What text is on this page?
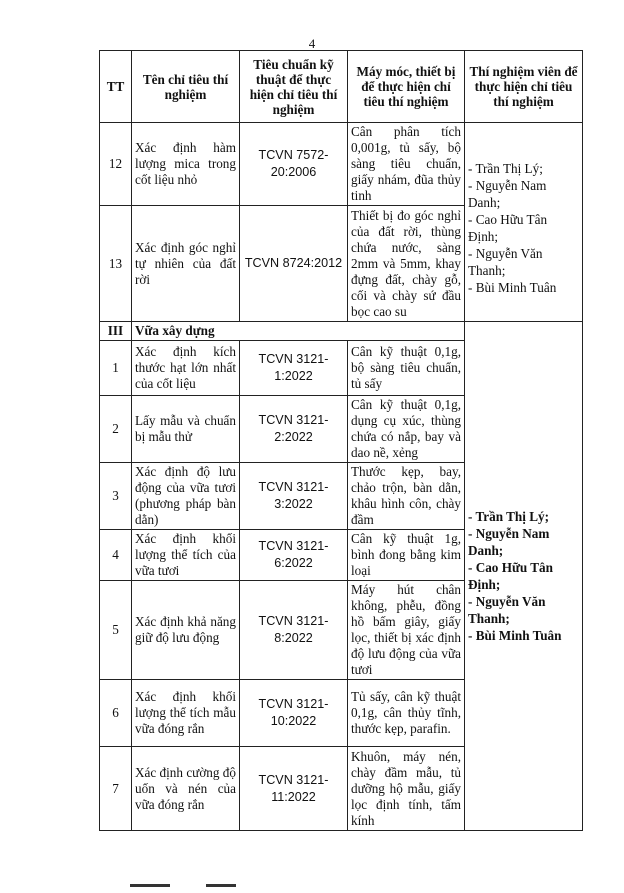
4
TT	Tên chỉ tiêu thí nghiệm	Tiêu chuẩn kỹ thuật để thực hiện chỉ tiêu thí nghiệm	Máy móc, thiết bị để thực hiện chỉ tiêu thí nghiệm	Thí nghiệm viên để thực hiện chỉ tiêu thí nghiệm
12	Xác định hàm lượng mica trong cốt liệu nhỏ	TCVN 7572-20:2006	Cân phân tích 0,001g, tủ sấy, bộ sàng tiêu chuẩn, giấy nhám, đũa thủy tinh	- Trần Thị Lý;
- Nguyễn Nam Danh;
- Cao Hữu Tân Định;
- Nguyễn Văn Thanh;
- Bùi Minh Tuân

13	Xác định góc nghỉ tự nhiên của đất rời	TCVN 8724:2012	Thiết bị đo góc nghỉ của đất rời, thùng chứa nước, sàng 2mm và 5mm, khay đựng đất, chày gỗ, cối và chày sứ đầu bọc cao su	
III	Vữa xây dựng			- Trần Thị Lý;
- Nguyễn Nam Danh;
- Cao Hữu Tân Định;
- Nguyễn Văn Thanh;
- Bùi Minh Tuân

1	Xác định kích thước hạt lớn nhất của cốt liệu	TCVN 3121-1:2022	Cân kỹ thuật 0,1g, bộ sàng tiêu chuẩn, tủ sấy	
2	Lấy mẫu và chuẩn bị mẫu thử	TCVN 3121-2:2022	Cân kỹ thuật 0,1g, dụng cụ xúc, thùng chứa có nắp, bay và dao nề, xẻng	
3	Xác định độ lưu động của vữa tươi (phương pháp bàn dằn)	TCVN 3121-3:2022	Thước kẹp, bay, chảo trộn, bàn dằn, khâu hình côn, chày đầm	
4	Xác định khối lượng thể tích của vữa tươi	TCVN 3121-6:2022	Cân kỹ thuật 1g, bình đong bằng kim loại	
5	Xác định khả năng giữ độ lưu động	TCVN 3121-8:2022	Máy hút chân không, phễu, đồng hồ bấm giây, giấy lọc, thiết bị xác định độ lưu động của vữa tươi	
6	Xác định khối lượng thể tích mẫu vữa đóng rắn	TCVN 3121-10:2022	Tủ sấy, cân kỹ thuật 0,1g, cân thủy tĩnh, thước kẹp, parafin.	
7	Xác định cường độ uốn và nén của vữa đóng rắn	TCVN 3121-11:2022	Khuôn, máy nén, chày đầm mẫu, tủ dưỡng hộ mẫu, giấy lọc định tính, tấm kính	
